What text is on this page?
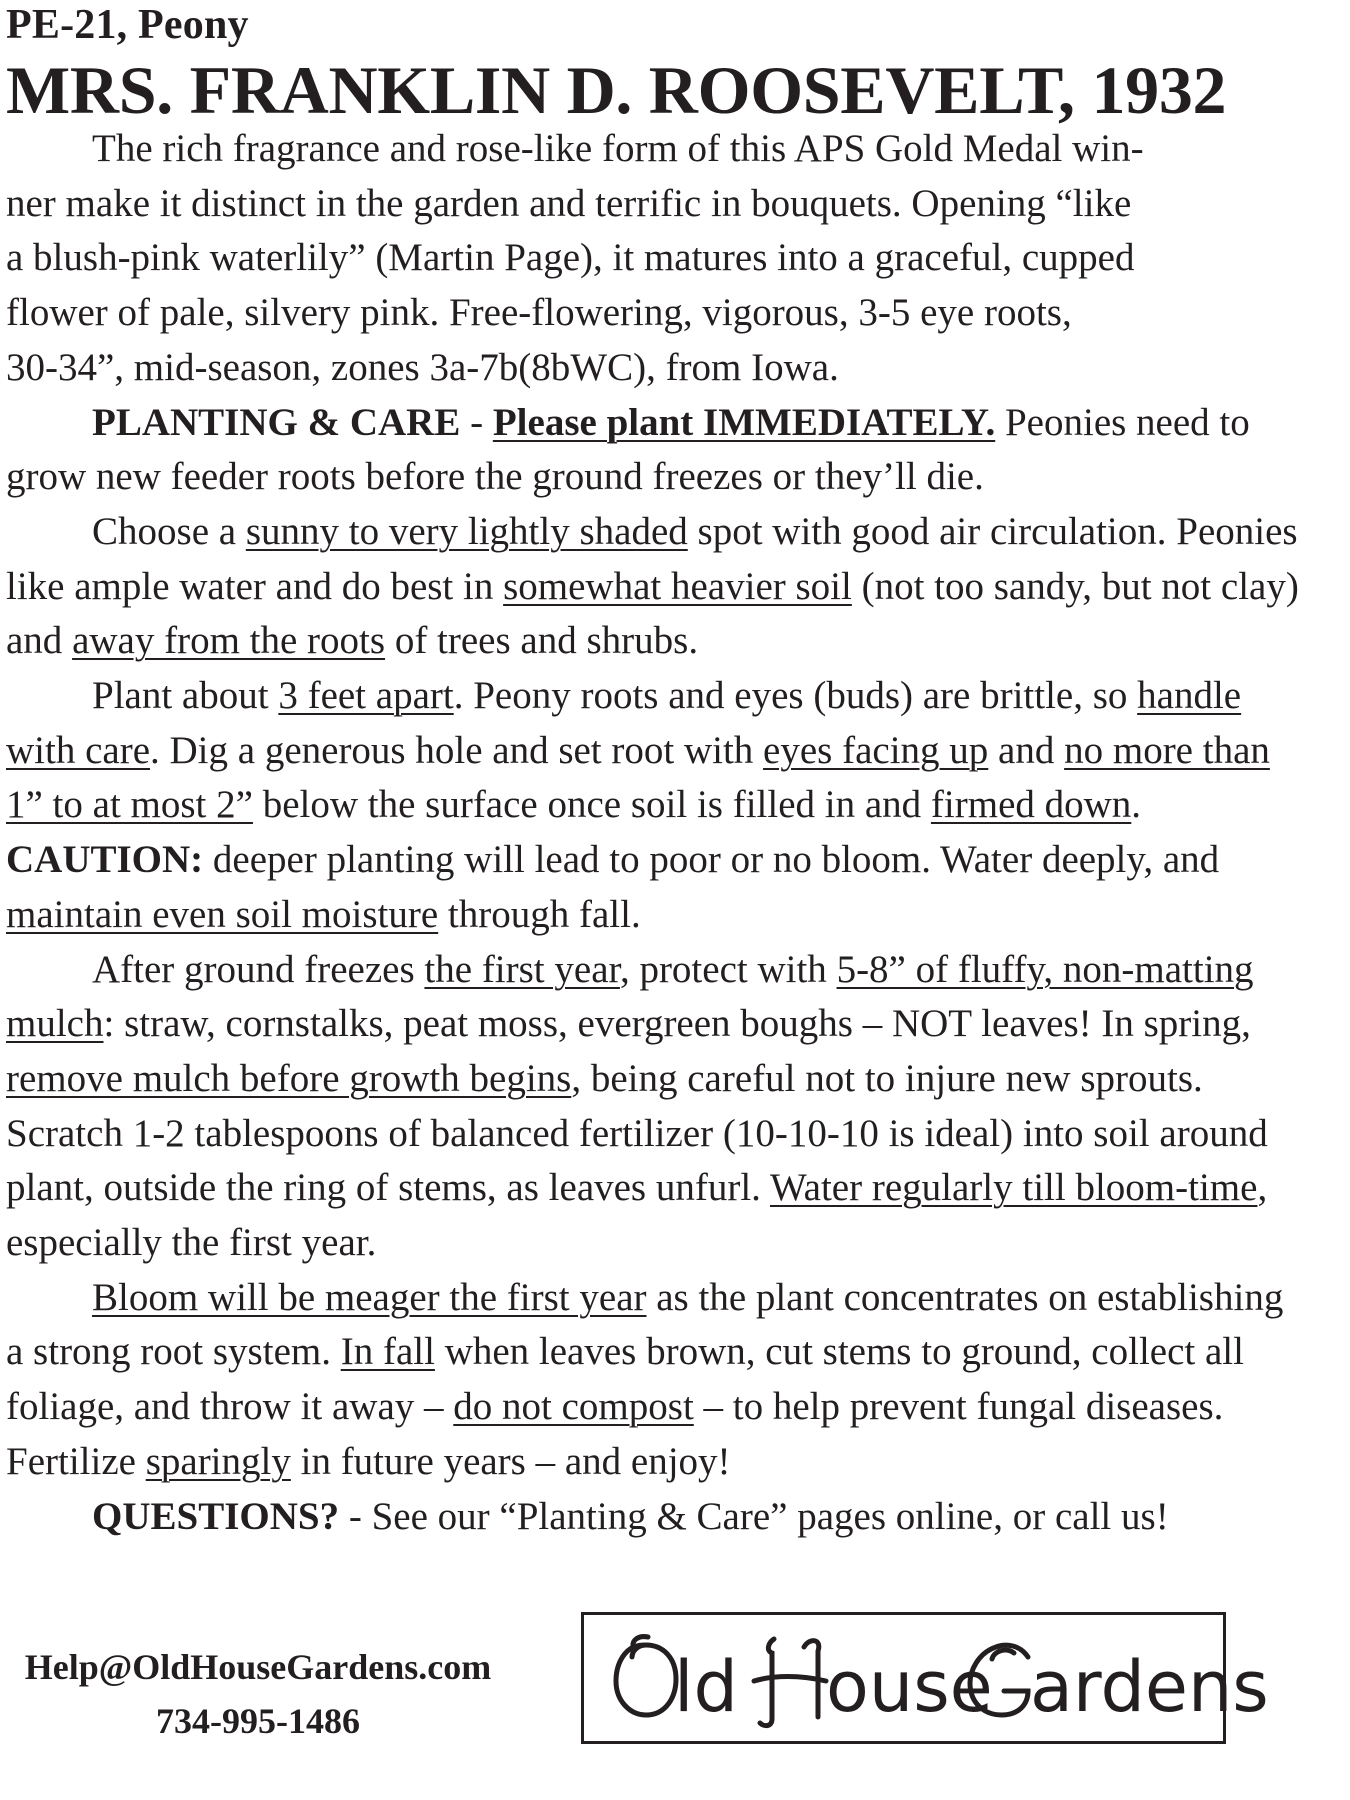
PE-21, Peony

MRS. FRANKLIN D. ROOSEVELT, 1932

The rich fragrance and rose-like form of this APS Gold Medal win-

ner make it distinct in the garden and terrific in bouquets. Opening “like

a blush-pink waterlily” (Martin Page), it matures into a graceful, cupped

flower of pale, silvery pink. Free-flowering, vigorous, 3-5 eye roots,

30-34”, mid-season, zones 3a-7b(8bWC), from Iowa.

PLANTING & CARE - Please plant IMMEDIATELY. Peonies need to grow new feeder roots before the ground freezes or they’ll die.

Choose a sunny to very lightly shaded spot with good air circulation. Peonies like ample water and do best in somewhat heavier soil (not too sandy, but not clay) and away from the roots of trees and shrubs.

Plant about 3 feet apart. Peony roots and eyes (buds) are brittle, so handle with care. Dig a generous hole and set root with eyes facing up and no more than 1” to at most 2” below the surface once soil is filled in and firmed down. CAUTION: deeper planting will lead to poor or no bloom. Water deeply, and maintain even soil moisture through fall.

After ground freezes the first year, protect with 5-8” of fluffy, non-matting mulch: straw, cornstalks, peat moss, evergreen boughs – NOT leaves! In spring, remove mulch before growth begins, being careful not to injure new sprouts. Scratch 1-2 tablespoons of balanced fertilizer (10-10-10 is ideal) into soil around plant, outside the ring of stems, as leaves unfurl. Water regularly till bloom-time, especially the first year.

Bloom will be meager the first year as the plant concentrates on establishing a strong root system. In fall when leaves brown, cut stems to ground, collect all foliage, and throw it away – do not compost – to help prevent fungal diseases. Fertilize sparingly in future years – and enjoy!

QUESTIONS? - See our “Planting & Care” pages online, or call us!

Help@OldHouseGardens.com
734-995-1486	ld ouse ardens
